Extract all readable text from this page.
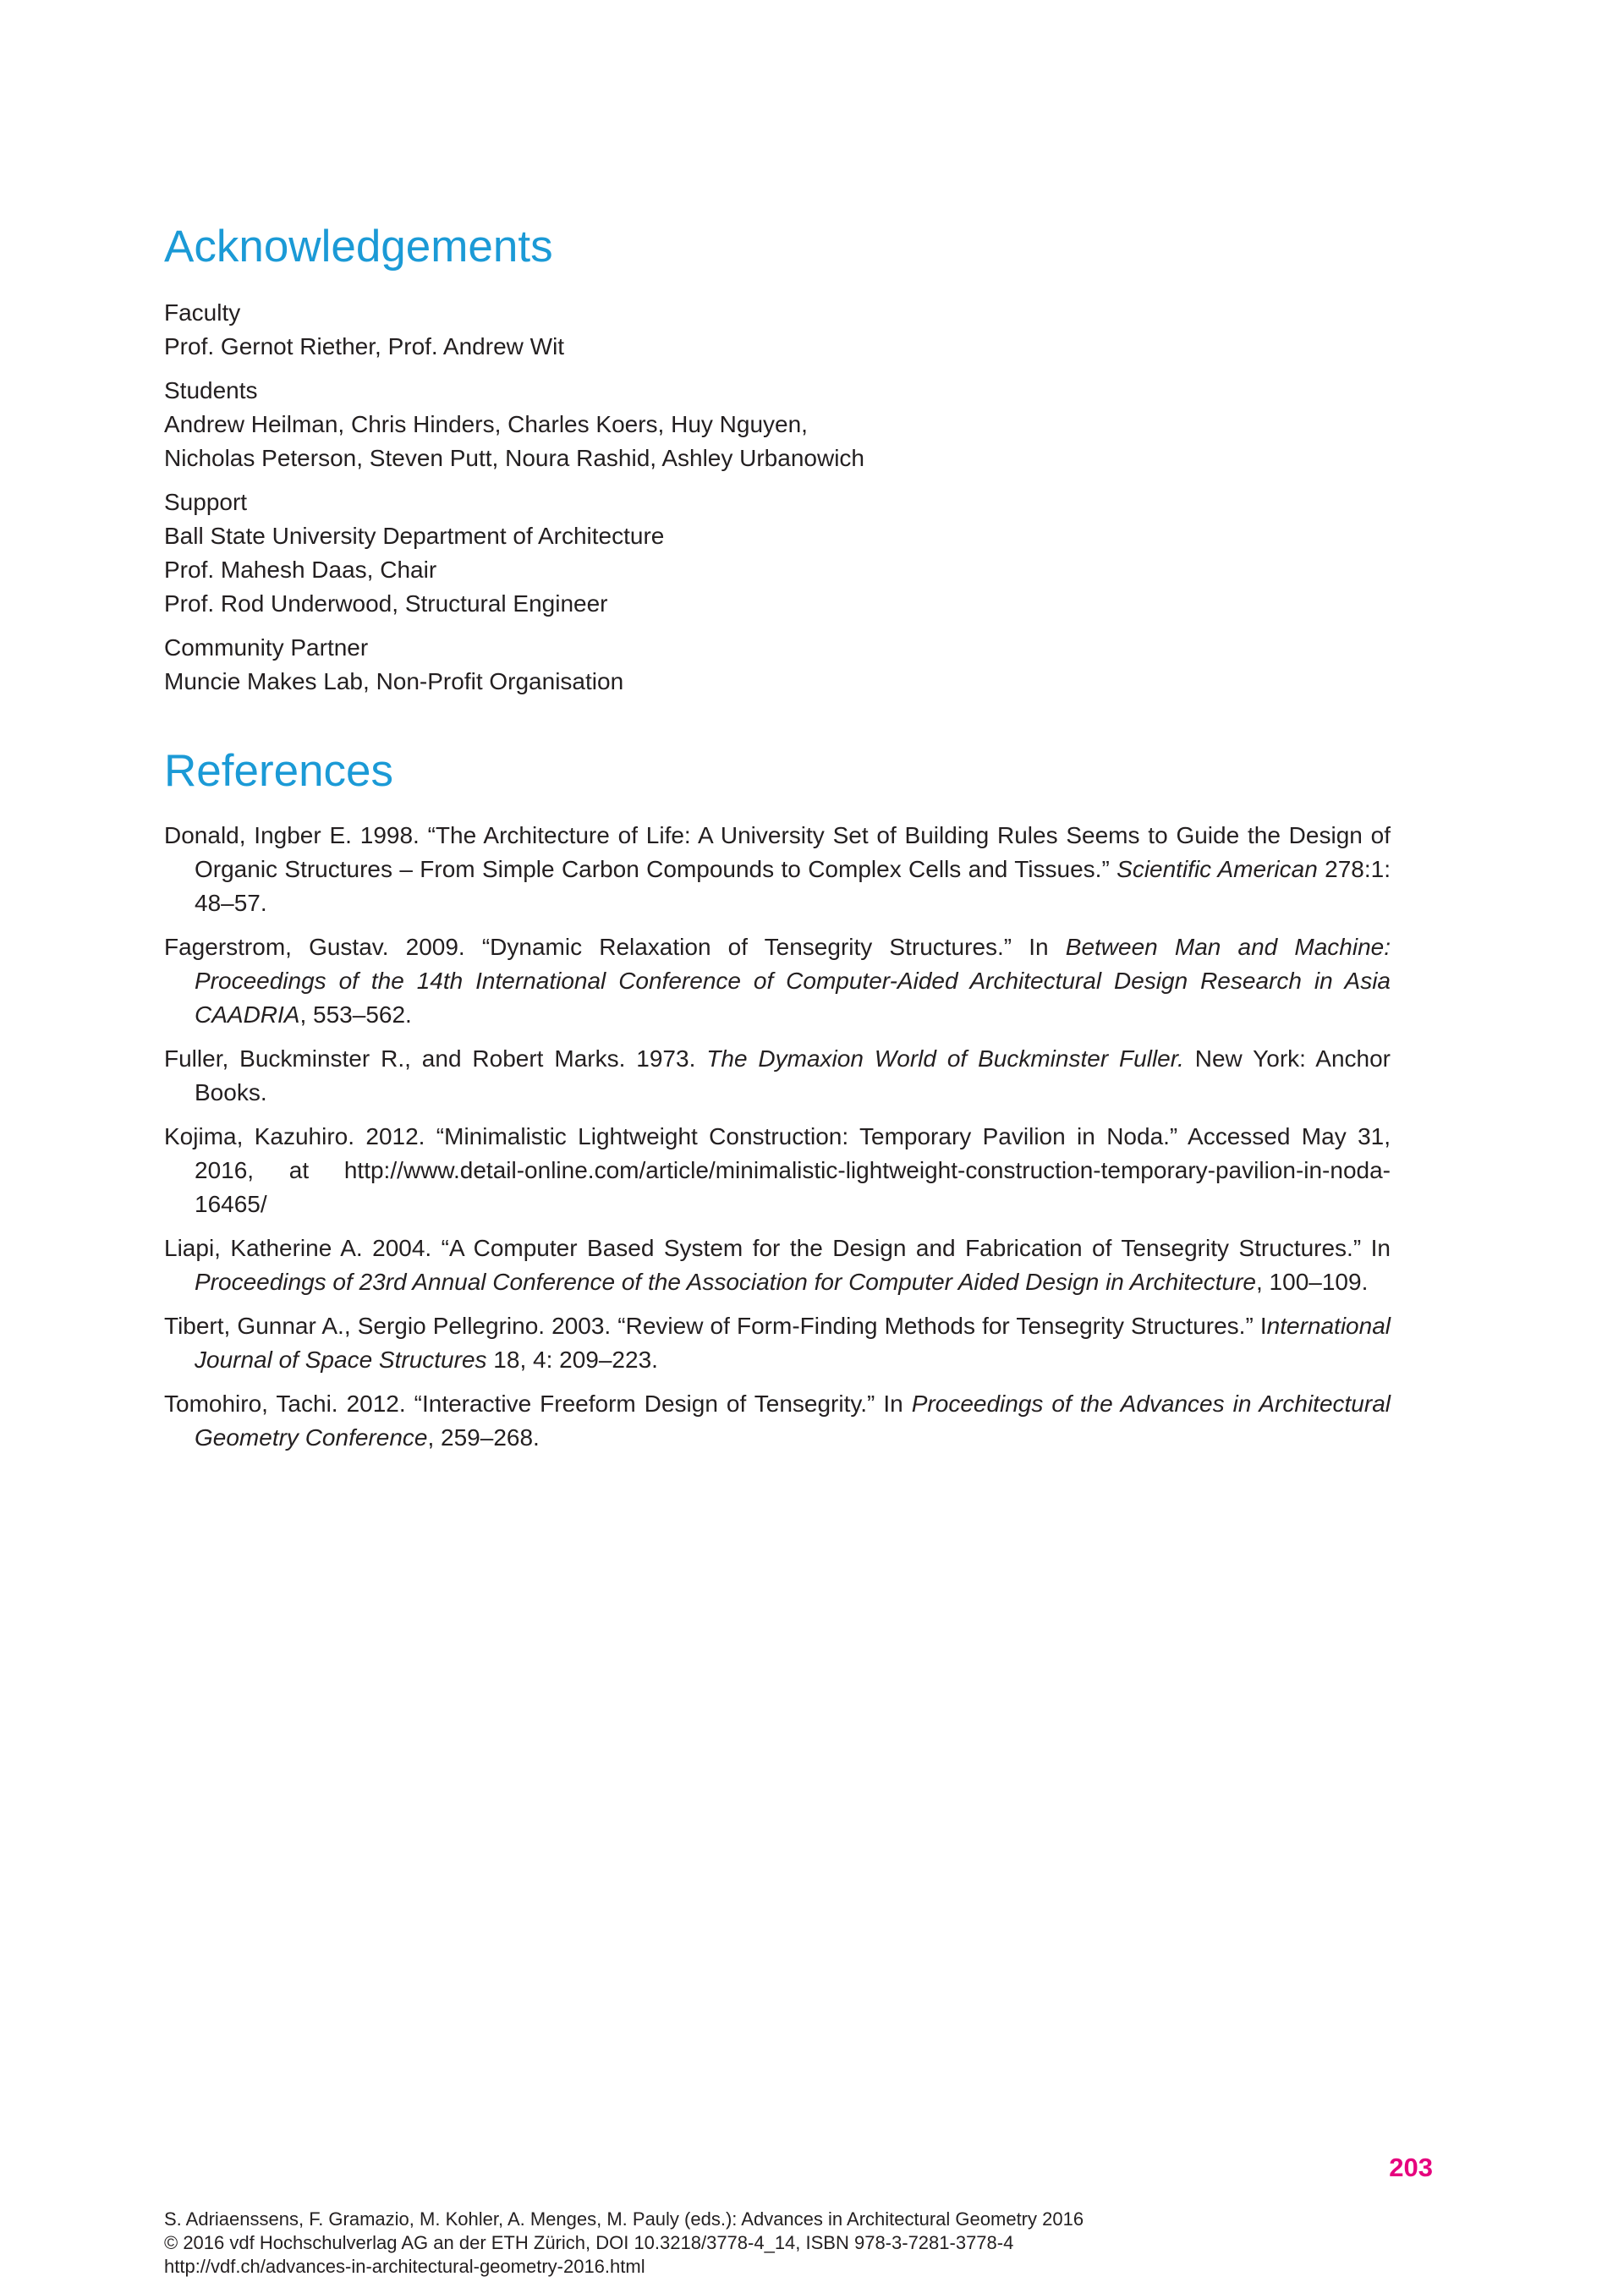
Acknowledgements
Faculty
Prof. Gernot Riether, Prof. Andrew Wit
Students
Andrew Heilman, Chris Hinders, Charles Koers, Huy Nguyen,
Nicholas Peterson, Steven Putt, Noura Rashid, Ashley Urbanowich
Support
Ball State University Department of Architecture
Prof. Mahesh Daas, Chair
Prof. Rod Underwood, Structural Engineer
Community Partner
Muncie Makes Lab, Non-Profit Organisation
References
Donald, Ingber E. 1998. “The Architecture of Life: A University Set of Building Rules Seems to Guide the Design of Organic Structures – From Simple Carbon Compounds to Complex Cells and Tissues.” Scientific American 278:1: 48–57.
Fagerstrom, Gustav. 2009. “Dynamic Relaxation of Tensegrity Structures.” In Between Man and Machine: Proceedings of the 14th International Conference of Computer-Aided Architectural Design Research in Asia CAADRIA, 553–562.
Fuller, Buckminster R., and Robert Marks. 1973. The Dymaxion World of Buckminster Fuller. New York: Anchor Books.
Kojima, Kazuhiro. 2012. “Minimalistic Lightweight Construction: Temporary Pavilion in Noda.” Accessed May 31, 2016, at http://www.detail-online.com/article/minimalistic-lightweight-construction-temporary-pavilion-in-noda-16465/
Liapi, Katherine A. 2004. “A Computer Based System for the Design and Fabrication of Tensegrity Structures.” In Proceedings of 23rd Annual Conference of the Association for Computer Aided Design in Architecture, 100–109.
Tibert, Gunnar A., Sergio Pellegrino. 2003. “Review of Form-Finding Methods for Tensegrity Structures.” International Journal of Space Structures 18, 4: 209–223.
Tomohiro, Tachi. 2012. “Interactive Freeform Design of Tensegrity.” In Proceedings of the Advances in Architectural Geometry Conference, 259–268.
203
S. Adriaenssens, F. Gramazio, M. Kohler, A. Menges, M. Pauly (eds.): Advances in Architectural Geometry 2016
© 2016 vdf Hochschulverlag AG an der ETH Zürich, DOI 10.3218/3778-4_14, ISBN 978-3-7281-3778-4
http://vdf.ch/advances-in-architectural-geometry-2016.html
